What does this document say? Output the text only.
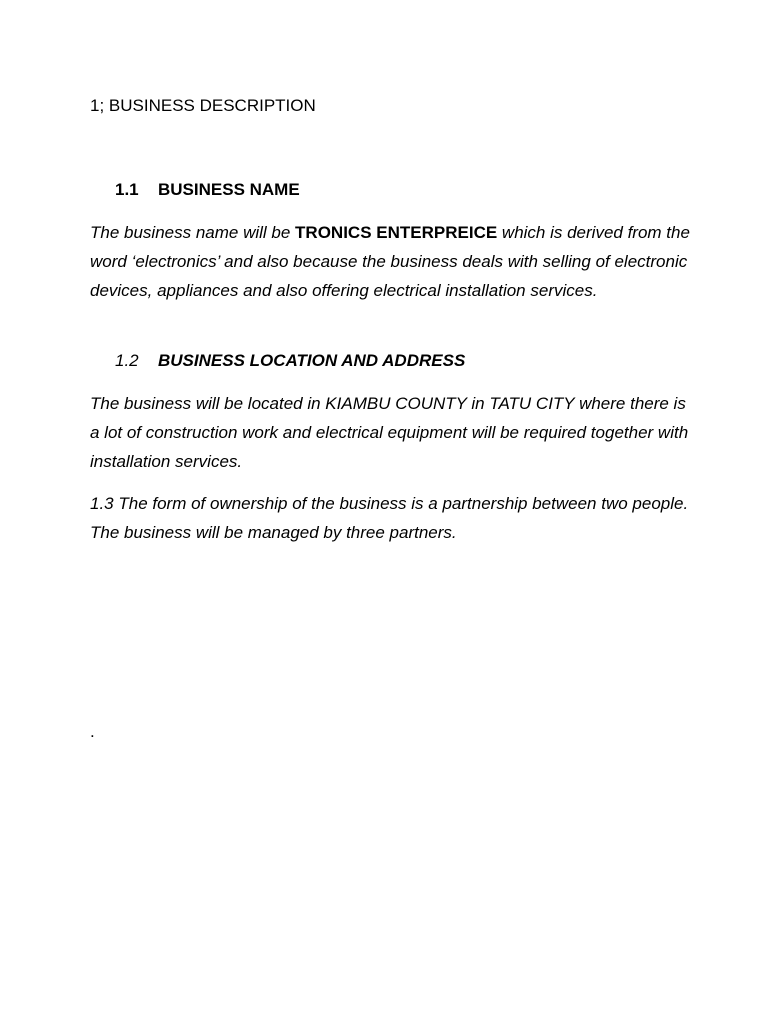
1; BUSINESS DESCRIPTION
1.1 BUSINESS NAME

The business name will be TRONICS ENTERPREICE which is derived from the word ‘electronics’ and also because the business deals with selling of electronic devices, appliances and also offering electrical installation services.

1.2 BUSINESS LOCATION AND ADDRESS

The business will be located in KIAMBU COUNTY in TATU CITY where there is a lot of construction work and electrical equipment will be required together with installation services.

1.3 The form of ownership of the business is a partnership between two people. The business will be managed by three partners.

.
